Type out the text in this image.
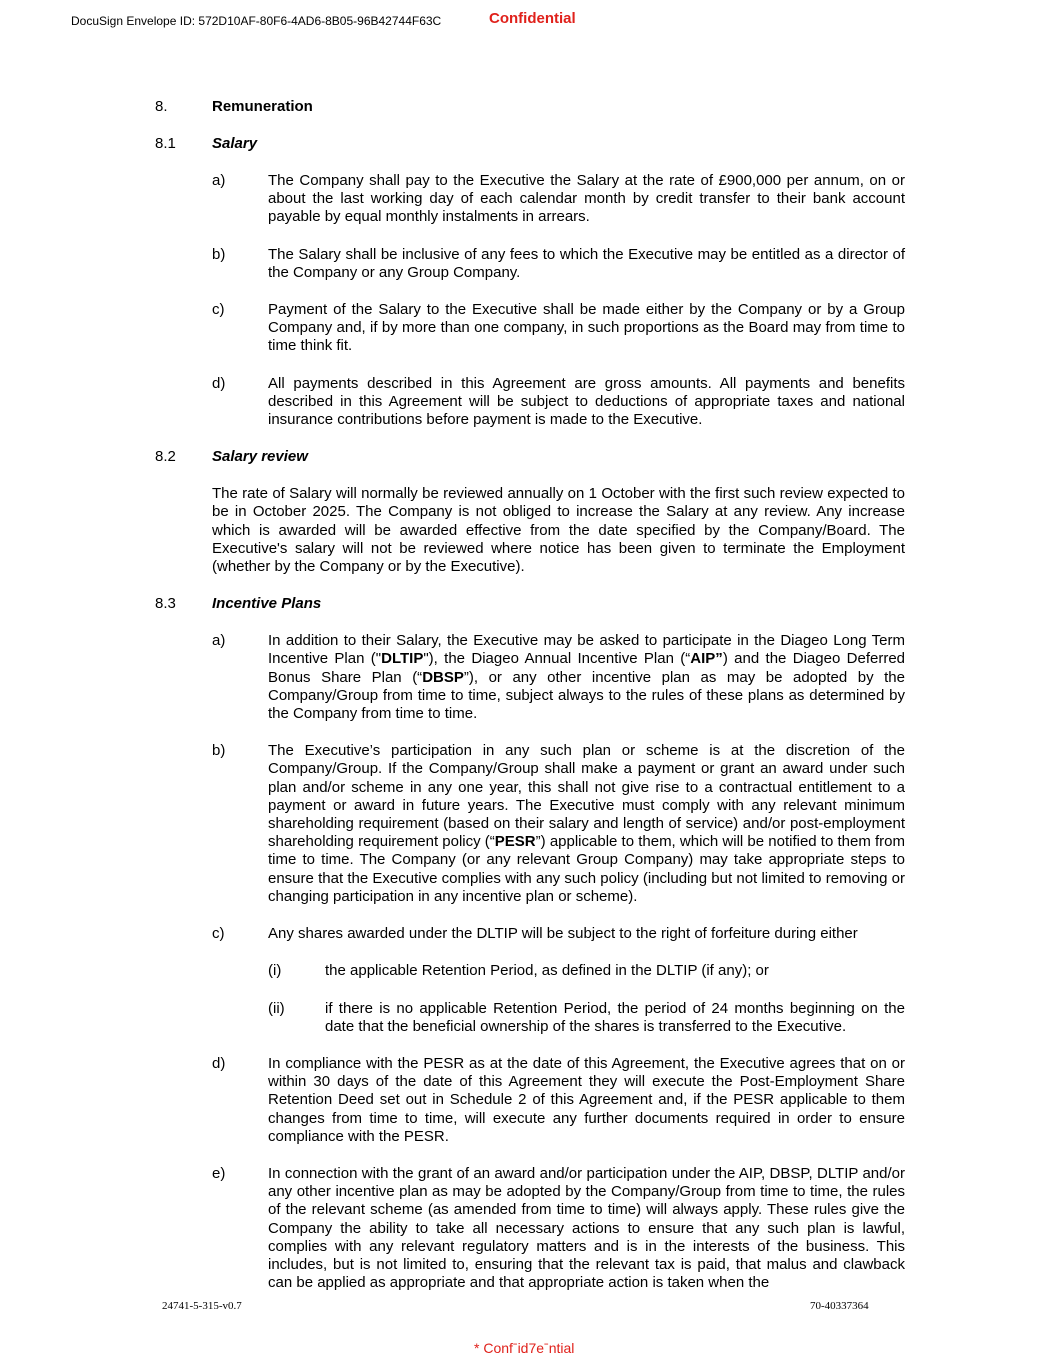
DocuSign Envelope ID: 572D10AF-80F6-4AD6-8B05-96B42744F63C	Confidential
8.	Remuneration
8.1 Salary
a)	The Company shall pay to the Executive the Salary at the rate of £900,000 per annum, on or about the last working day of each calendar month by credit transfer to their bank account payable by equal monthly instalments in arrears.

b)	The Salary shall be inclusive of any fees to which the Executive may be entitled as a director of the Company or any Group Company.

c)	Payment of the Salary to the Executive shall be made either by the Company or by a Group Company and, if by more than one company, in such proportions as the Board may from time to time think fit.

d)	All payments described in this Agreement are gross amounts. All payments and benefits described in this Agreement will be subject to deductions of appropriate taxes and national insurance contributions before payment is made to the Executive.

8.2 Salary review

The rate of Salary will normally be reviewed annually on 1 October with the first such review expected to be in October 2025. The Company is not obliged to increase the Salary at any review. Any increase which is awarded will be awarded effective from the date specified by the Company/Board. The Executive's salary will not be reviewed where notice has been given to terminate the Employment (whether by the Company or by the Executive).

8.3 Incentive Plans
a)	In addition to their Salary, the Executive may be asked to participate in the Diageo Long Term Incentive Plan ("DLTIP"), the Diageo Annual Incentive Plan (“AIP”) and the Diageo Deferred Bonus Share Plan (“DBSP”), or any other incentive plan as may be adopted by the Company/Group from time to time, subject always to the rules of these plans as determined by the Company from time to time.

b)	The Executive’s participation in any such plan or scheme is at the discretion of the Company/Group. If the Company/Group shall make a payment or grant an award under such plan and/or scheme in any one year, this shall not give rise to a contractual entitlement to a payment or award in future years. The Executive must comply with any relevant minimum shareholding requirement (based on their salary and length of service) and/or post-employment shareholding requirement policy (“PESR”) applicable to them, which will be notified to them from time to time. The Company (or any relevant Group Company) may take appropriate steps to ensure that the Executive complies with any such policy (including but not limited to removing or changing participation in any incentive plan or scheme).

c)	Any shares awarded under the DLTIP will be subject to the right of forfeiture during either

(i)	the applicable Retention Period, as defined in the DLTIP (if any); or

(ii)	if there is no applicable Retention Period, the period of 24 months beginning on the date that the beneficial ownership of the shares is transferred to the Executive.

d)	In compliance with the PESR as at the date of this Agreement, the Executive agrees that on or within 30 days of the date of this Agreement they will execute the Post-Employment Share Retention Deed set out in Schedule 2 of this Agreement and, if the PESR applicable to them changes from time to time, will execute any further documents required in order to ensure compliance with the PESR.

e)	In connection with the grant of an award and/or participation under the AIP, DBSP, DLTIP and/or any other incentive plan as may be adopted by the Company/Group from time to time, the rules of the relevant scheme (as amended from time to time) will always apply. These rules give the Company the ability to take all necessary actions to ensure that any such plan is lawful, complies with any relevant regulatory matters and is in the interests of the business. This includes, but is not limited to, ensuring that the relevant tax is paid, that malus and clawback can be applied as appropriate and that appropriate action is taken when the

24741-5-315-v0.7	70-40337364
* Confˉid7eˉntial
